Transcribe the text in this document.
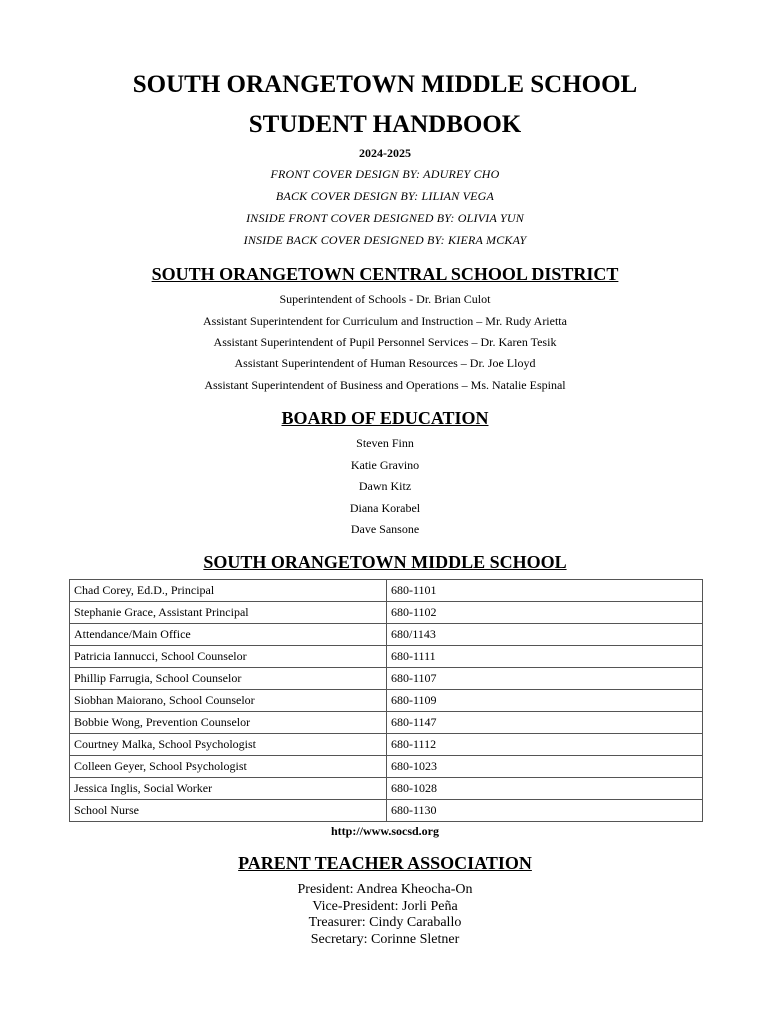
SOUTH ORANGETOWN MIDDLE SCHOOL
STUDENT HANDBOOK
2024-2025
FRONT COVER DESIGN BY: ADUREY CHO
BACK COVER DESIGN BY: LILIAN VEGA
INSIDE FRONT COVER DESIGNED BY: OLIVIA YUN
INSIDE BACK COVER DESIGNED BY: KIERA MCKAY
SOUTH ORANGETOWN CENTRAL SCHOOL DISTRICT
Superintendent of Schools - Dr. Brian Culot
Assistant Superintendent for Curriculum and Instruction – Mr. Rudy Arietta
Assistant Superintendent of Pupil Personnel Services – Dr. Karen Tesik
Assistant Superintendent of Human Resources – Dr. Joe Lloyd
Assistant Superintendent of Business and Operations – Ms. Natalie Espinal
BOARD OF EDUCATION
Steven Finn
Katie Gravino
Dawn Kitz
Diana Korabel
Dave Sansone
SOUTH ORANGETOWN MIDDLE SCHOOL
Chad Corey, Ed.D., Principal	680-1101
Stephanie Grace, Assistant Principal	680-1102
Attendance/Main Office	680/1143
Patricia Iannucci, School Counselor	680-1111
Phillip Farrugia, School Counselor	680-1107
Siobhan Maiorano, School Counselor	680-1109
Bobbie Wong, Prevention Counselor	680-1147
Courtney Malka, School Psychologist	680-1112
Colleen Geyer, School Psychologist	680-1023
Jessica Inglis, Social Worker	680-1028
School Nurse	680-1130
http://www.socsd.org
PARENT TEACHER ASSOCIATION
President: Andrea Kheocha-On
Vice-President: Jorli Peña
Treasurer: Cindy Caraballo
Secretary: Corinne Sletner
